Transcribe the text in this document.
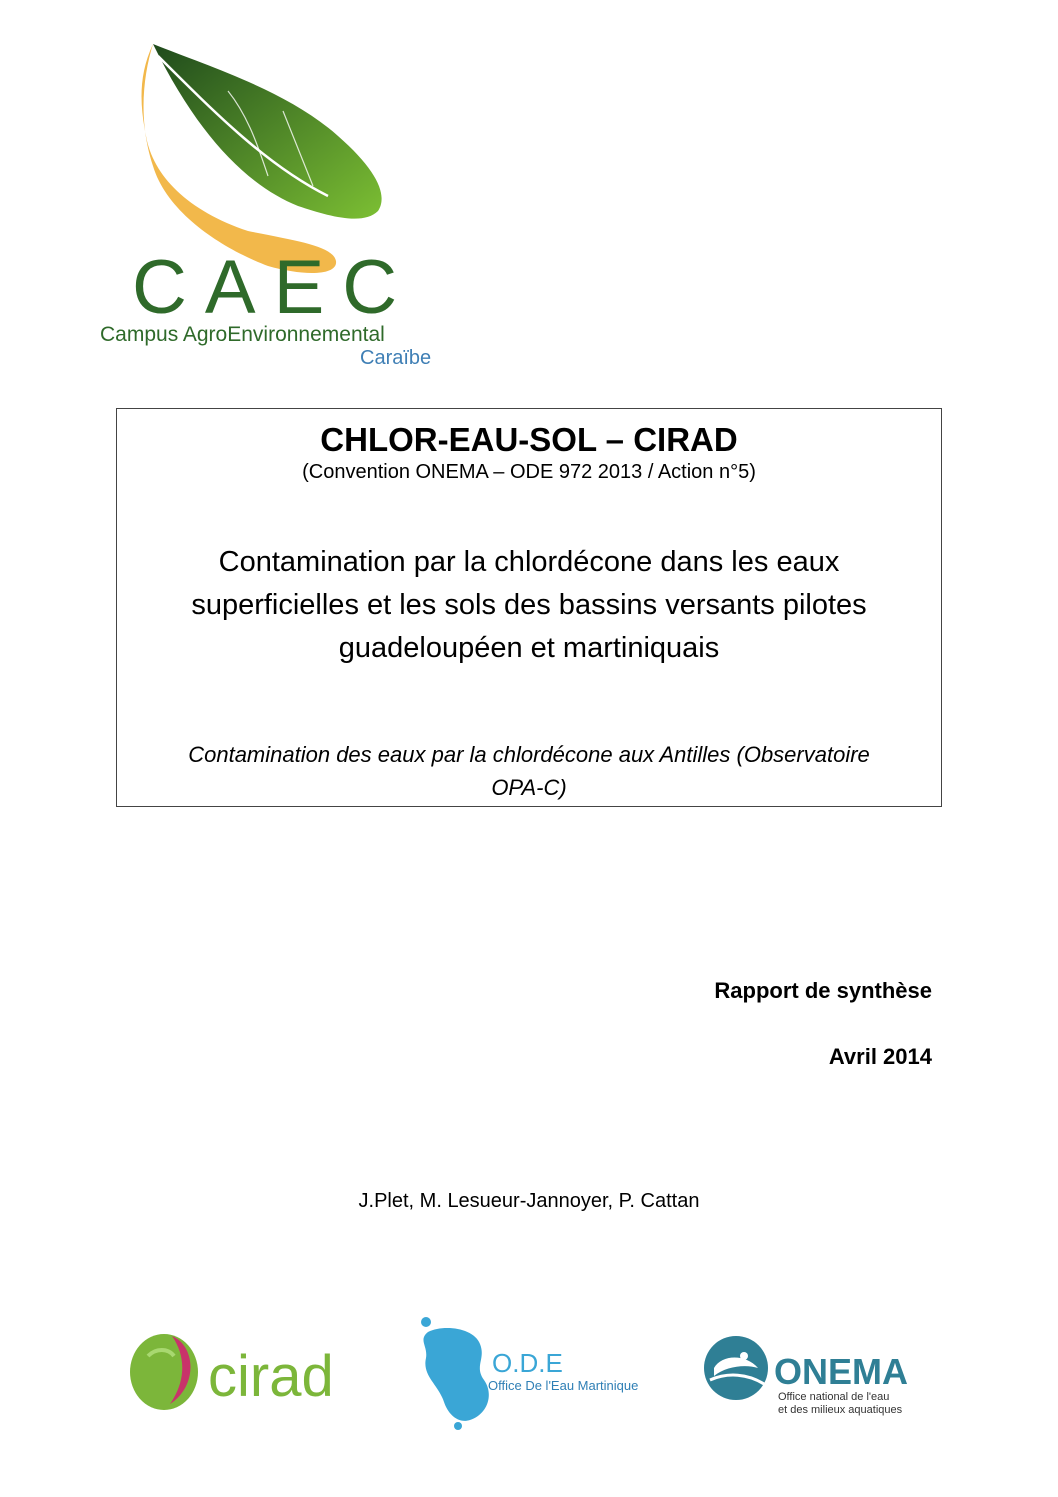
CAEC
Campus AgroEnvironnemental
Caraïbe
CHLOR-EAU-SOL – CIRAD
(Convention ONEMA – ODE 972 2013 / Action n°5)
Contamination par la chlordécone dans les eaux
superficielles et les sols des bassins versants pilotes
guadeloupéen et martiniquais
Contamination des eaux par la chlordécone aux Antilles (Observatoire
OPA-C)
Rapport de synthèse
Avril 2014
J.Plet, M. Lesueur-Jannoyer, P. Cattan
cirad	O.D.E
Office De l'Eau Martinique	ONEMA
Office national de l'eau
et des milieux aquatiques
